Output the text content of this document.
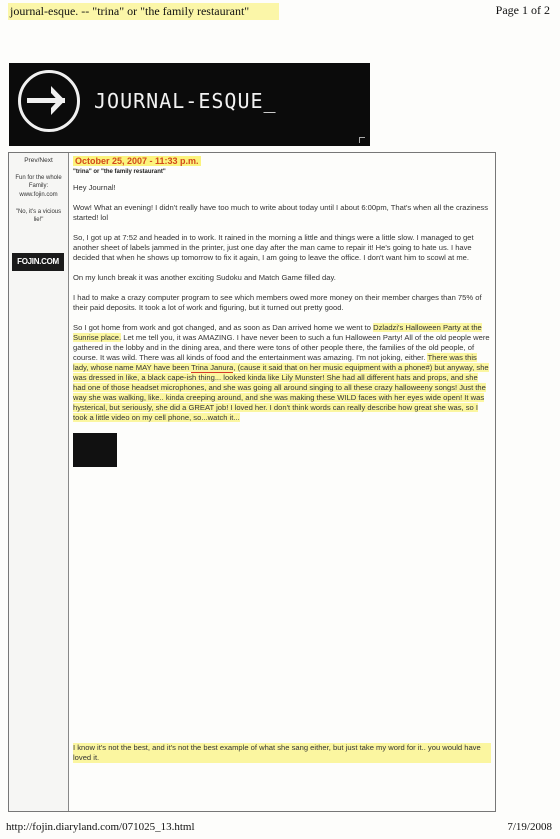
journal-esque. -- "trina" or "the family restaurant"	Page 1 of 2
JOURNAL-ESQUE_
Prev/Next
Fun for the whole Family:
www.fojin.com
"No, it's a vicious lie!"
FOJIN.COM
October 25, 2007 - 11:33 p.m.
"trina" or "the family restaurant"

Hey Journal!

Wow! What an evening! I didn't really have too much to write about today until I about 6:00pm, That's when all the craziness started! lol

So, I got up at 7:52 and headed in to work. It rained in the morning a little and things were a little slow. I managed to get another sheet of labels jammed in the printer, just one day after the man came to repair it! He's going to hate us. I have decided that when he shows up tomorrow to fix it again, I am going to leave the office. I don't want him to scowl at me.

On my lunch break it was another exciting Sudoku and Match Game filled day.

I had to make a crazy computer program to see which members owed more money on their member charges than 75% of their paid deposits. It took a lot of work and figuring, but it turned out pretty good.

So I got home from work and got changed, and as soon as Dan arrived home we went to Dzladzi's Halloween Party at the Sunrise place. Let me tell you, it was AMAZING. I have never been to such a fun Halloween Party! All of the old people were gathered in the lobby and in the dining area, and there were tons of other people there, the families of the old people, of course. It was wild. There was all kinds of food and the entertainment was amazing. I'm not joking, either. There was this lady, whose name MAY have been Trina Janura, (cause it said that on her music equipment with a phone#) but anyway, she was dressed in like, a black cape-ish thing... looked kinda like Lily Munster! She had all different hats and props, and she had one of those headset microphones, and she was going all around singing to all these crazy halloweeny songs! Just the way she was walking, like.. kinda creeping around, and she was making these WILD faces with her eyes wide open! It was hysterical, but seriously, she did a GREAT job! I loved her. I don't think words can really describe how great she was, so I took a little video on my cell phone, so...watch it...

I know it's not the best, and it's not the best example of what she sang either, but just take my word for it.. you would have loved it.
http://fojin.diaryland.com/071025_13.html	7/19/2008
